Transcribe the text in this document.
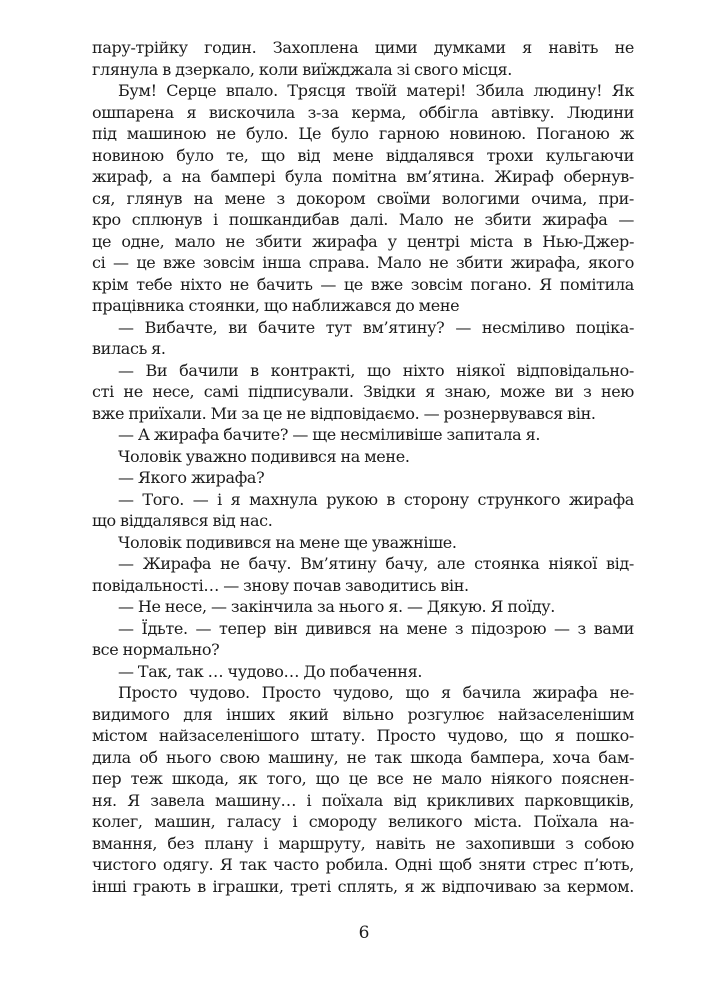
пару-трійку годин. Захоплена цими думками я навіть не
глянула в дзеркало, коли виїжджала зі свого місця.
Бум! Серце впало. Трясця твоїй матері! Збила людину! Як
ошпарена я вискочила з-за керма, оббігла автівку. Людини
під машиною не було. Це було гарною новиною. Поганою ж
новиною було те, що від мене віддалявся трохи кульгаючи
жираф, а на бампері була помітна вм’ятина. Жираф обернув-
ся, глянув на мене з докором своїми вологими очима, при-
кро сплюнув і пошкандибав далі. Мало не збити жирафа —
це одне, мало не збити жирафа у центрі міста в Нью-Джер-
сі — це вже зовсім інша справа. Мало не збити жирафа, якого
крім тебе ніхто не бачить — це вже зовсім погано. Я помітила
працівника стоянки, що наближався до мене
— Вибачте, ви бачите тут вм’ятину? — несміливо поціка-
вилась я.
— Ви бачили в контракті, що ніхто ніякої відповідально-
сті не несе, самі підписували. Звідки я знаю, може ви з нею
вже приїхали. Ми за це не відповідаємо. — рознервувався він.
— А жирафа бачите? — ще несміливіше запитала я.
Чоловік уважно подивився на мене.
— Якого жирафа?
— Того. — і я махнула рукою в сторону стрункого жирафа
що віддалявся від нас.
Чоловік подивився на мене ще уважніше.
— Жирафа не бачу. Вм’ятину бачу, але стоянка ніякої від-
повідальності… — знову почав заводитись він.
— Не несе, — закінчила за нього я. — Дякую. Я поїду.
— Їдьте. — тепер він дивився на мене з підозрою — з вами
все нормально?
— Так, так … чудово… До побачення.
Просто чудово. Просто чудово, що я бачила жирафа не-
видимого для інших який вільно розгулює найзаселенішим
містом найзаселенішого штату. Просто чудово, що я пошко-
дила об нього свою машину, не так шкода бампера, хоча бам-
пер теж шкода, як того, що це все не мало ніякого пояснен-
ня. Я завела машину… і поїхала від крикливих парковщиків,
колег, машин, галасу і смороду великого міста. Поїхала на-
вмання, без плану і маршруту, навіть не захопивши з собою
чистого одягу. Я так часто робила. Одні щоб зняти стрес п’ють,
інші грають в іграшки, треті сплять, я ж відпочиваю за кермом.
6
